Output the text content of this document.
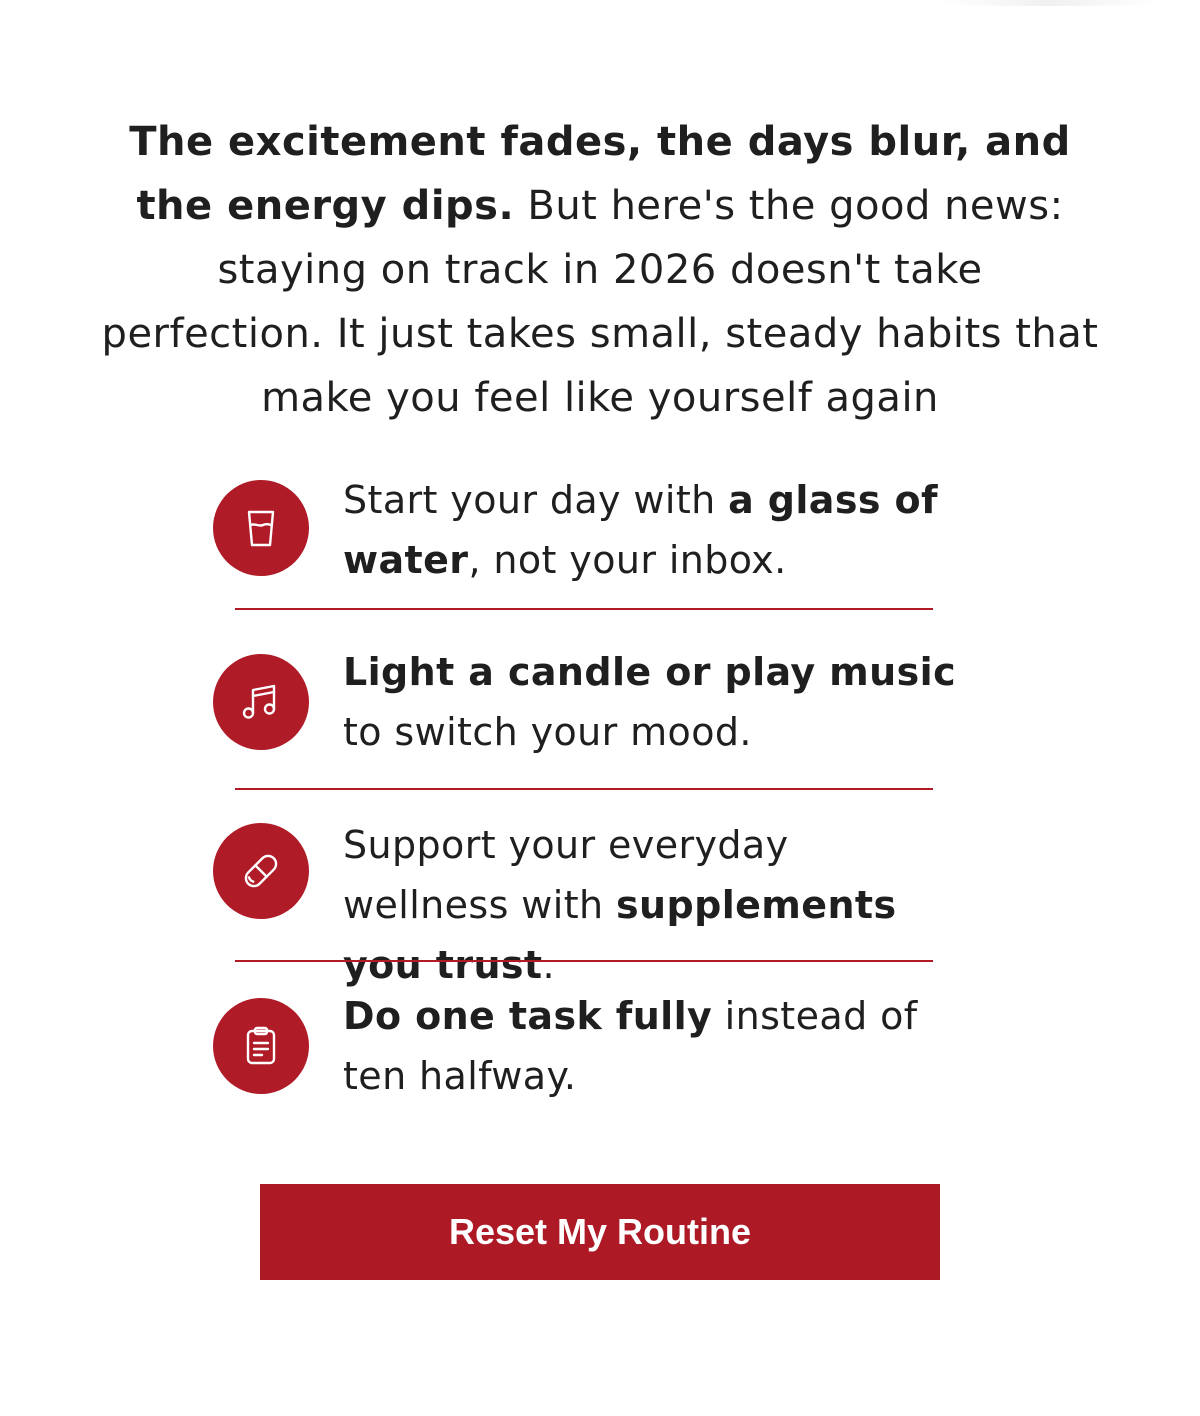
The excitement fades, the days blur, and the energy dips. But here's the good news: staying on track in 2026 doesn't take perfection. It just takes small, steady habits that make you feel like yourself again

Start your day with a glass of water, not your inbox.
Light a candle or play music to switch your mood.
Support your everyday wellness with supplements you trust.
Do one task fully instead of ten halfway.
Reset My Routine
